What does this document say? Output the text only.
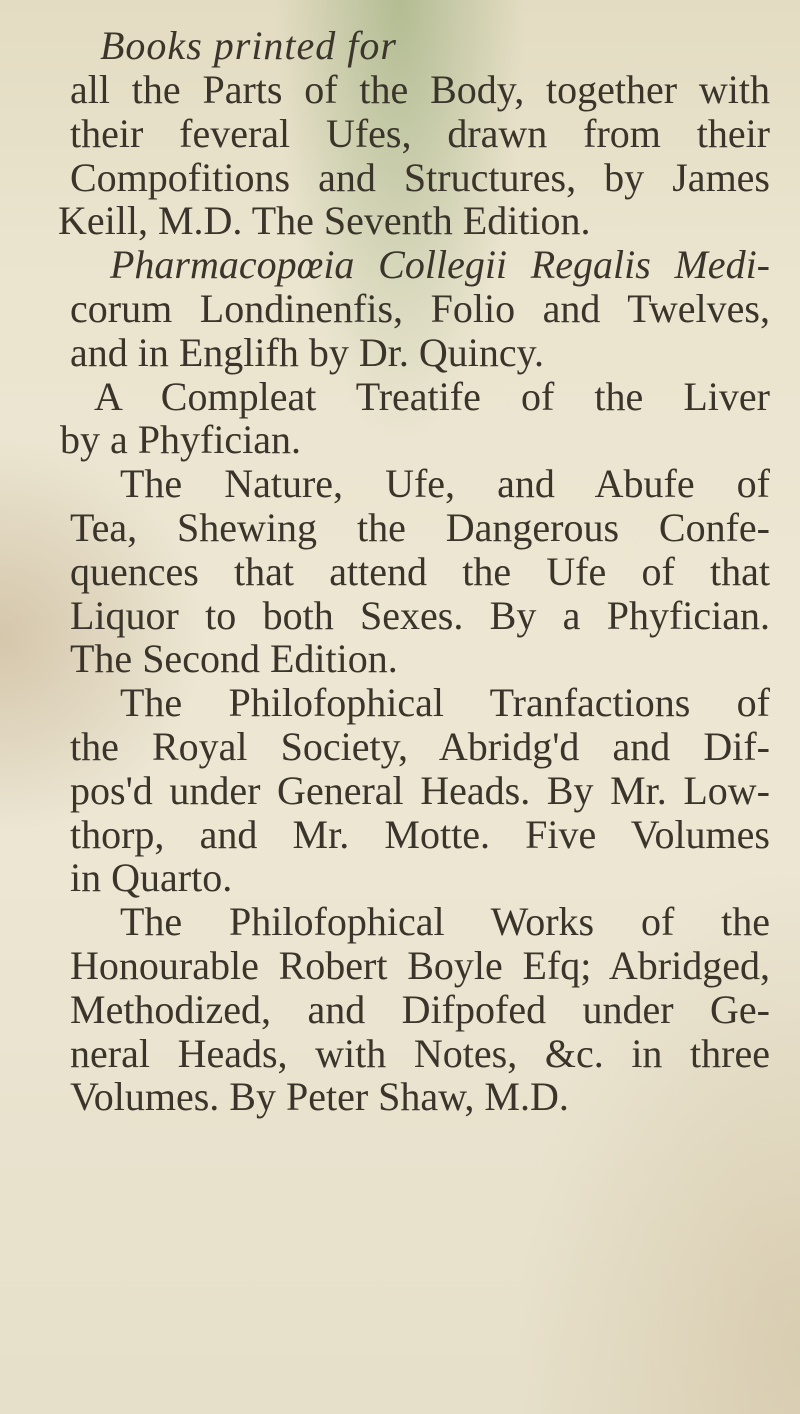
Books printed for
all the Parts of the Body, together with
their feveral Ufes, drawn from their
Compofitions and Structures, by James
Keill, M.D. The Seventh Edition.
Pharmacopœia Collegii Regalis Medi-
corum Londinenfis, Folio and Twelves,
and in Englifh by Dr. Quincy.
A Compleat Treatife of the Liver
by a Phyfician.
The Nature, Ufe, and Abufe of
Tea, Shewing the Dangerous Confe-
quences that attend the Ufe of that
Liquor to both Sexes. By a Phyfician.
The Second Edition.
The Philofophical Tranfactions of
the Royal Society, Abridg'd and Dif-
pos'd under General Heads. By Mr. Low-
thorp, and Mr. Motte. Five Volumes
in Quarto.
The Philofophical Works of the
Honourable Robert Boyle Efq; Abridged,
Methodized, and Difpofed under Ge-
neral Heads, with Notes, &c. in three
Volumes. By Peter Shaw, M.D.
